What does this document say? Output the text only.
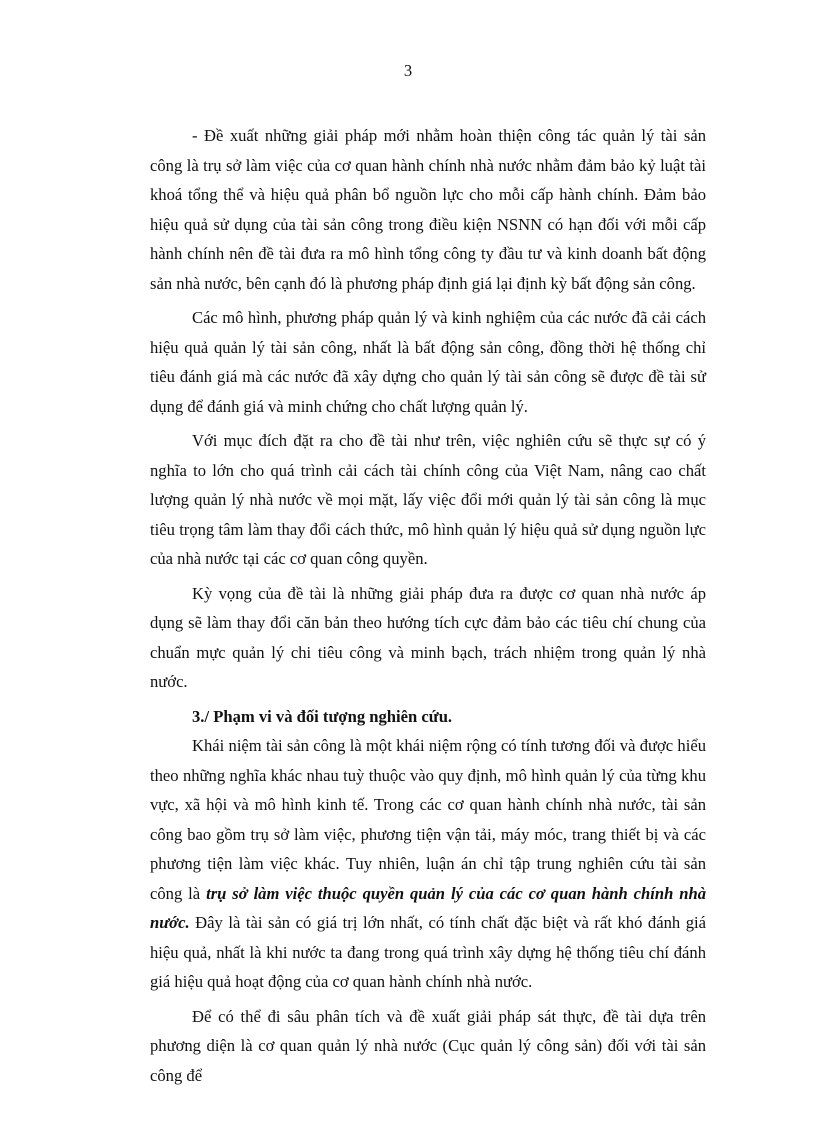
3

- Đề xuất những giải pháp mới nhằm hoàn thiện công tác quản lý tài sản công là trụ sở làm việc của cơ quan hành chính nhà nước nhằm đảm bảo kỷ luật tài khoá tổng thể và hiệu quả phân bổ nguồn lực cho mỗi cấp hành chính. Đảm bảo hiệu quả sử dụng của tài sản công trong điều kiện NSNN có hạn đối với mỗi cấp hành chính nên đề tài đưa ra mô hình tổng công ty đầu tư và kinh doanh bất động sản nhà nước, bên cạnh đó là phương pháp định giá lại định kỳ bất động sản công.

Các mô hình, phương pháp quản lý và kinh nghiệm của các nước đã cải cách hiệu quả quản lý tài sản công, nhất là bất động sản công, đồng thời hệ thống chỉ tiêu đánh giá mà các nước đã xây dựng cho quản lý tài sản công sẽ được đề tài sử dụng để đánh giá và minh chứng cho chất lượng quản lý.

Với mục đích đặt ra cho đề tài như trên, việc nghiên cứu sẽ thực sự có ý nghĩa to lớn cho quá trình cải cách tài chính công của Việt Nam, nâng cao chất lượng quản lý nhà nước về mọi mặt, lấy việc đổi mới quản lý tài sản công là mục tiêu trọng tâm làm thay đổi cách thức, mô hình quản lý hiệu quả sử dụng nguồn lực của nhà nước tại các cơ quan công quyền.

Kỳ vọng của đề tài là những giải pháp đưa ra được cơ quan nhà nước áp dụng sẽ làm thay đổi căn bản theo hướng tích cực đảm bảo các tiêu chí chung của chuẩn mực quản lý chi tiêu công và minh bạch, trách nhiệm trong quản lý nhà nước.

3./ Phạm vi và đối tượng nghiên cứu.

Khái niệm tài sản công là một khái niệm rộng có tính tương đối và được hiểu theo những nghĩa khác nhau tuỳ thuộc vào quy định, mô hình quản lý của từng khu vực, xã hội và mô hình kinh tế. Trong các cơ quan hành chính nhà nước, tài sản công bao gồm trụ sở làm việc, phương tiện vận tải, máy móc, trang thiết bị và các phương tiện làm việc khác. Tuy nhiên, luận án chỉ tập trung nghiên cứu tài sản công là trụ sở làm việc thuộc quyền quản lý của các cơ quan hành chính nhà nước. Đây là tài sản có giá trị lớn nhất, có tính chất đặc biệt và rất khó đánh giá hiệu quả, nhất là khi nước ta đang trong quá trình xây dựng hệ thống tiêu chí đánh giá hiệu quả hoạt động của cơ quan hành chính nhà nước.

Để có thể đi sâu phân tích và đề xuất giải pháp sát thực, đề tài dựa trên phương diện là cơ quan quản lý nhà nước (Cục quản lý công sản) đối với tài sản công để
